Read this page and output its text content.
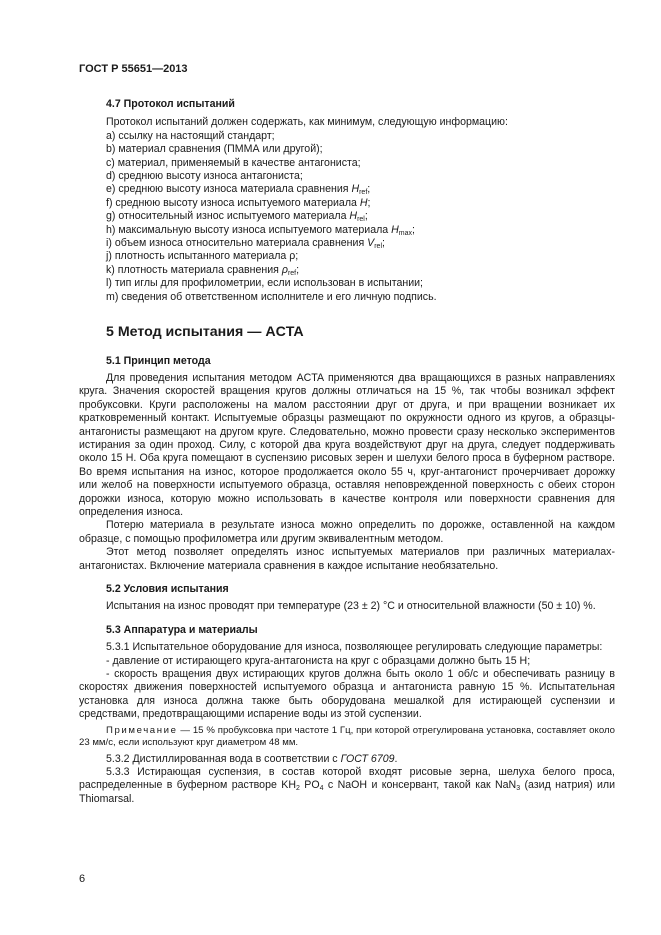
ГОСТ Р 55651—2013
4.7 Протокол испытаний
Протокол испытаний должен содержать, как минимум, следующую информацию:
a) ссылку на настоящий стандарт;
b) материал сравнения (ПММА или другой);
c) материал, применяемый в качестве антагониста;
d) среднюю высоту износа антагониста;
e) среднюю высоту износа материала сравнения $H_{ref}$;
f) среднюю высоту износа испытуемого материала H;
g) относительный износ испытуемого материала $H_{rel}$;
h) максимальную высоту износа испытуемого материала $H_{max}$;
i) объем износа относительно материала сравнения $V_{rel}$;
j) плотность испытанного материала ρ;
k) плотность материала сравнения $\rho_{ref}$;
l) тип иглы для профилометрии, если использован в испытании;
m) сведения об ответственном исполнителе и его личную подпись.
5 Метод испытания — ACTA
5.1 Принцип метода

Для проведения испытания методом ACTA применяются два вращающихся в разных направлениях круга. Значения скоростей вращения кругов должны отличаться на 15 %, так чтобы возникал эффект пробуксовки. Круги расположены на малом расстоянии друг от друга, и при вращении возникает их кратковременный контакт. Испытуемые образцы размещают по окружности одного из кругов, а образцы-антагонисты размещают на другом круге. Следовательно, можно провести сразу несколько экспериментов истирания за один проход. Силу, с которой два круга воздействуют друг на друга, следует поддерживать около 15 Н. Оба круга помещают в суспензию рисовых зерен и шелухи белого проса в буферном растворе. Во время испытания на износ, которое продолжается около 55 ч, круг-антагонист прочерчивает дорожку или желоб на поверхности испытуемого образца, оставляя неповрежденной поверхность с обеих сторон дорожки износа, которую можно использовать в качестве контроля или поверхности сравнения для определения износа.

Потерю материала в результате износа можно определить по дорожке, оставленной на каждом образце, с помощью профилометра или другим эквивалентным методом.

Этот метод позволяет определять износ испытуемых материалов при различных материалах-антагонистах. Включение материала сравнения в каждое испытание необязательно.

5.2 Условия испытания

Испытания на износ проводят при температуре (23 ± 2) °C и относительной влажности (50 ± 10) %.

5.3 Аппаратура и материалы

5.3.1 Испытательное оборудование для износа, позволяющее регулировать следующие параметры:

- давление от истирающего круга-антагониста на круг с образцами должно быть 15 Н;

- скорость вращения двух истирающих кругов должна быть около 1 об/с и обеспечивать разницу в скоростях движения поверхностей испытуемого образца и антагониста равную 15 %. Испытательная установка для износа должна также быть оборудована мешалкой для истирающей суспензии и средствами, предотвращающими испарение воды из этой суспензии.

Примечание — 15 % пробуксовка при частоте 1 Гц, при которой отрегулирована установка, составляет около 23 мм/с, если используют круг диаметром 48 мм.

5.3.2 Дистиллированная вода в соответствии с ГОСТ 6709.

5.3.3 Истирающая суспензия, в состав которой входят рисовые зерна, шелуха белого проса, распределенные в буферном растворе $KH_2$ $PO_4$ с NaOH и консервант, такой как NaN$_3$ (азид натрия) или Thiomarsal.

6
